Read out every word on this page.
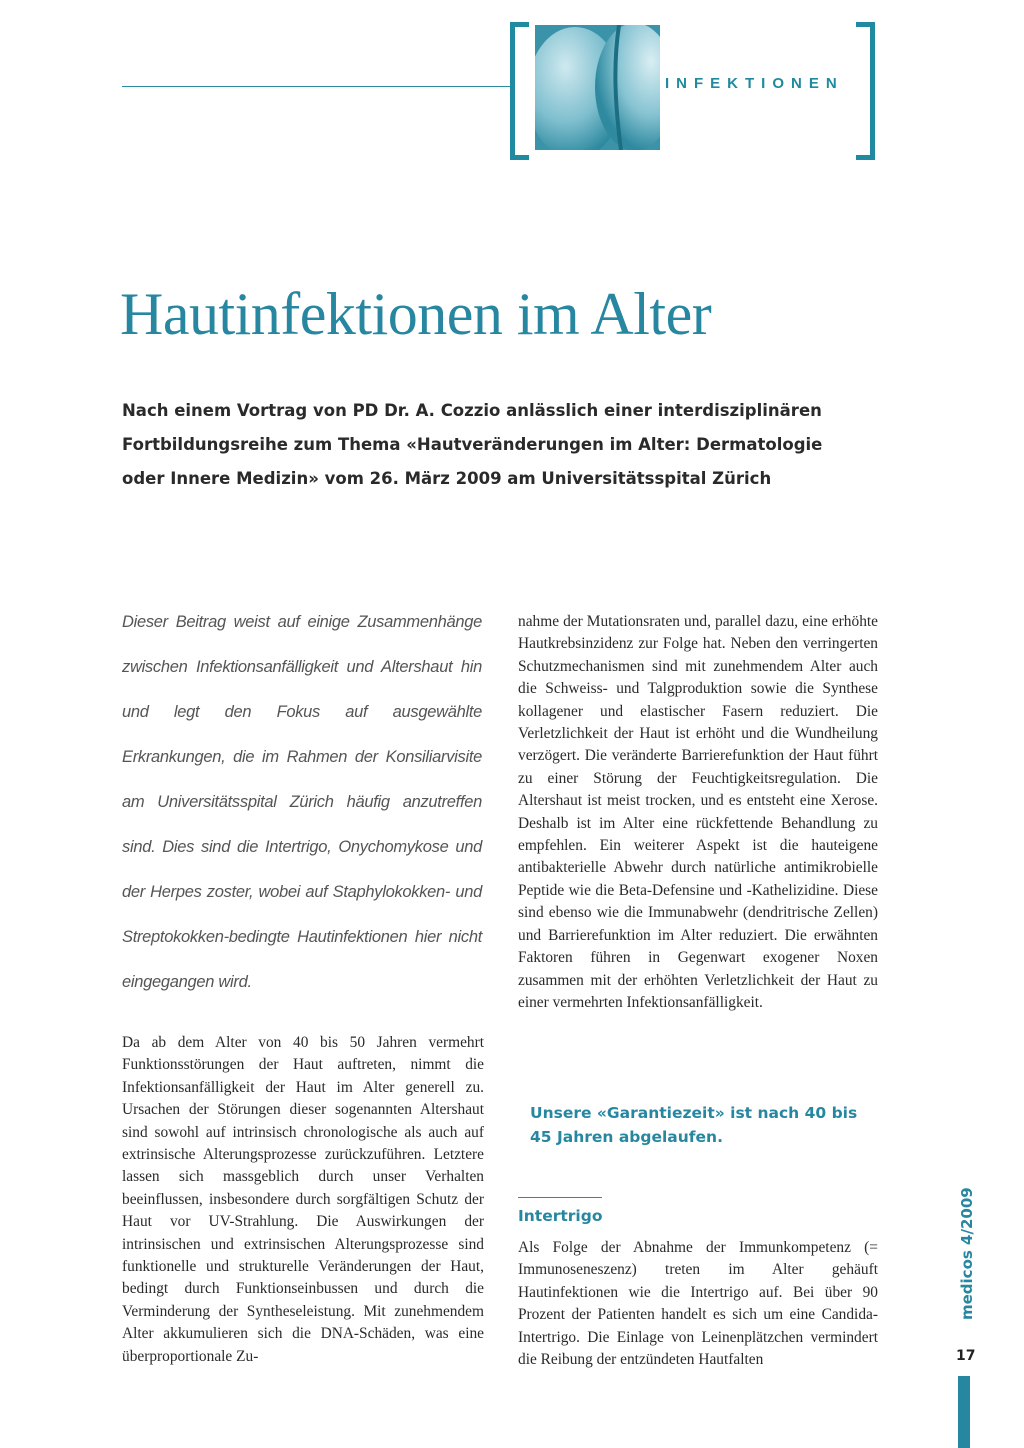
INFEKTIONEN
Hautinfektionen im Alter

Nach einem Vortrag von PD Dr. A. Cozzio anlässlich einer interdisziplinären Fortbildungsreihe zum Thema «Hautveränderungen im Alter: Dermatologie oder Innere Medizin» vom 26. März 2009 am Universitätsspital Zürich

Dieser Beitrag weist auf einige Zusammenhänge zwischen Infektionsanfälligkeit und Altershaut hin und legt den Fokus auf ausgewählte Erkrankungen, die im Rahmen der Konsiliarvisite am Universitätsspital Zürich häufig anzutreffen sind. Dies sind die Intertrigo, Onychomykose und der Herpes zoster, wobei auf Staphylokokken- und Streptokokken-bedingte Hautinfektionen hier nicht eingegangen wird.

Da ab dem Alter von 40 bis 50 Jahren vermehrt Funktionsstörungen der Haut auftreten, nimmt die Infektionsanfälligkeit der Haut im Alter generell zu. Ursachen der Störungen dieser sogenannten Altershaut sind sowohl auf intrinsisch chronologische als auch auf extrinsische Alterungsprozesse zurückzuführen. Letztere lassen sich massgeblich durch unser Verhalten beeinflussen, insbesondere durch sorgfältigen Schutz der Haut vor UV-Strahlung. Die Auswirkungen der intrinsischen und extrinsischen Alterungsprozesse sind funktionelle und strukturelle Veränderungen der Haut, bedingt durch Funktionseinbussen und durch die Verminderung der Syntheseleistung. Mit zunehmendem Alter akkumulieren sich die DNA-Schäden, was eine überproportionale Zu-

nahme der Mutationsraten und, parallel dazu, eine erhöhte Hautkrebsinzidenz zur Folge hat. Neben den verringerten Schutzmechanismen sind mit zunehmendem Alter auch die Schweiss- und Talgproduktion sowie die Synthese kollagener und elastischer Fasern reduziert. Die Verletzlichkeit der Haut ist erhöht und die Wundheilung verzögert. Die veränderte Barrierefunktion der Haut führt zu einer Störung der Feuchtigkeitsregulation. Die Altershaut ist meist trocken, und es entsteht eine Xerose. Deshalb ist im Alter eine rückfettende Behandlung zu empfehlen. Ein weiterer Aspekt ist die hauteigene antibakterielle Abwehr durch natürliche antimikrobielle Peptide wie die Beta-Defensine und -Kathelizidine. Diese sind ebenso wie die Immunabwehr (dendritrische Zellen) und Barrierefunktion im Alter reduziert. Die erwähnten Faktoren führen in Gegenwart exogener Noxen zusammen mit der erhöhten Verletzlichkeit der Haut zu einer vermehrten Infektionsanfälligkeit.

Unsere «Garantiezeit» ist nach 40 bis 45 Jahren abgelaufen.

Intertrigo

Als Folge der Abnahme der Immunkompetenz (= Immunoseneszenz) treten im Alter gehäuft Hautinfektionen wie die Intertrigo auf. Bei über 90 Prozent der Patienten handelt es sich um eine Candida-Intertrigo. Die Einlage von Leinenplätzchen vermindert die Reibung der entzündeten Hautfalten

medicos 4/2009
17
